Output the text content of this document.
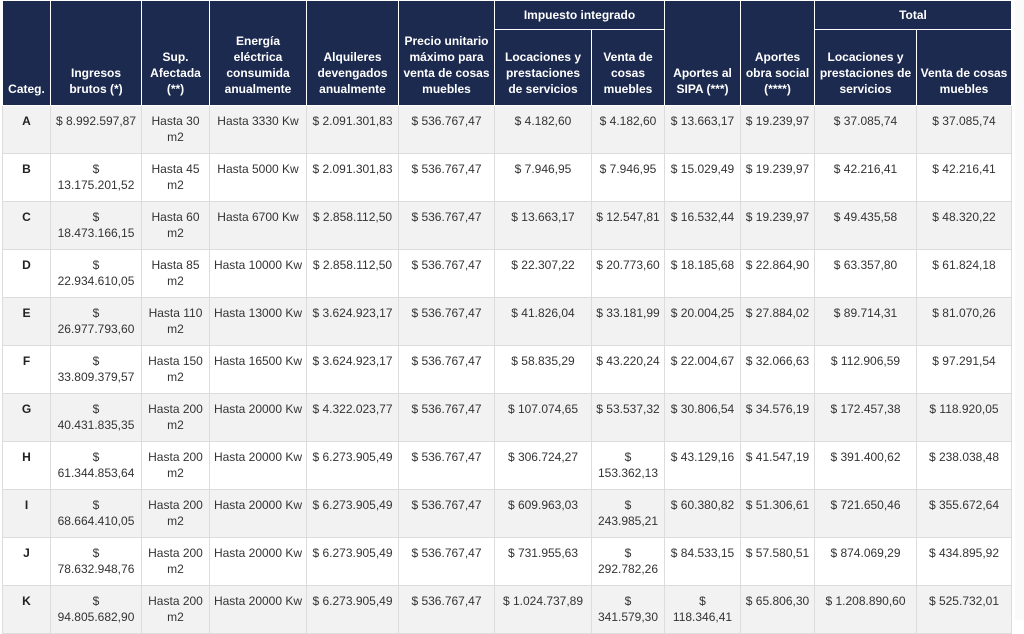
Categ.	Ingresos brutos (*)	Sup. Afectada (**)	Energía eléctrica consumida anualmente	Alquileres devengados anualmente	Precio unitario máximo para venta de cosas muebles	Impuesto integrado		Aportes al SIPA (***)	Aportes obra social (****)	Total	
						Locaciones y prestaciones de servicios	Venta de cosas muebles			Locaciones y prestaciones de servicios	Venta de cosas muebles
A	$ 8.992.597,87	Hasta 30 m2	Hasta 3330 Kw	$ 2.091.301,83	$ 536.767,47	$ 4.182,60	$ 4.182,60	$ 13.663,17	$ 19.239,97	$ 37.085,74	$ 37.085,74
B	$ 13.175.201,52	Hasta 45 m2	Hasta 5000 Kw	$ 2.091.301,83	$ 536.767,47	$ 7.946,95	$ 7.946,95	$ 15.029,49	$ 19.239,97	$ 42.216,41	$ 42.216,41
C	$ 18.473.166,15	Hasta 60 m2	Hasta 6700 Kw	$ 2.858.112,50	$ 536.767,47	$ 13.663,17	$ 12.547,81	$ 16.532,44	$ 19.239,97	$ 49.435,58	$ 48.320,22
D	$ 22.934.610,05	Hasta 85 m2	Hasta 10000 Kw	$ 2.858.112,50	$ 536.767,47	$ 22.307,22	$ 20.773,60	$ 18.185,68	$ 22.864,90	$ 63.357,80	$ 61.824,18
E	$ 26.977.793,60	Hasta 110 m2	Hasta 13000 Kw	$ 3.624.923,17	$ 536.767,47	$ 41.826,04	$ 33.181,99	$ 20.004,25	$ 27.884,02	$ 89.714,31	$ 81.070,26
F	$ 33.809.379,57	Hasta 150 m2	Hasta 16500 Kw	$ 3.624.923,17	$ 536.767,47	$ 58.835,29	$ 43.220,24	$ 22.004,67	$ 32.066,63	$ 112.906,59	$ 97.291,54
G	$ 40.431.835,35	Hasta 200 m2	Hasta 20000 Kw	$ 4.322.023,77	$ 536.767,47	$ 107.074,65	$ 53.537,32	$ 30.806,54	$ 34.576,19	$ 172.457,38	$ 118.920,05
H	$ 61.344.853,64	Hasta 200 m2	Hasta 20000 Kw	$ 6.273.905,49	$ 536.767,47	$ 306.724,27	$ 153.362,13	$ 43.129,16	$ 41.547,19	$ 391.400,62	$ 238.038,48
I	$ 68.664.410,05	Hasta 200 m2	Hasta 20000 Kw	$ 6.273.905,49	$ 536.767,47	$ 609.963,03	$ 243.985,21	$ 60.380,82	$ 51.306,61	$ 721.650,46	$ 355.672,64
J	$ 78.632.948,76	Hasta 200 m2	Hasta 20000 Kw	$ 6.273.905,49	$ 536.767,47	$ 731.955,63	$ 292.782,26	$ 84.533,15	$ 57.580,51	$ 874.069,29	$ 434.895,92
K	$ 94.805.682,90	Hasta 200 m2	Hasta 20000 Kw	$ 6.273.905,49	$ 536.767,47	$ 1.024.737,89	$ 341.579,30	$ 118.346,41	$ 65.806,30	$ 1.208.890,60	$ 525.732,01
